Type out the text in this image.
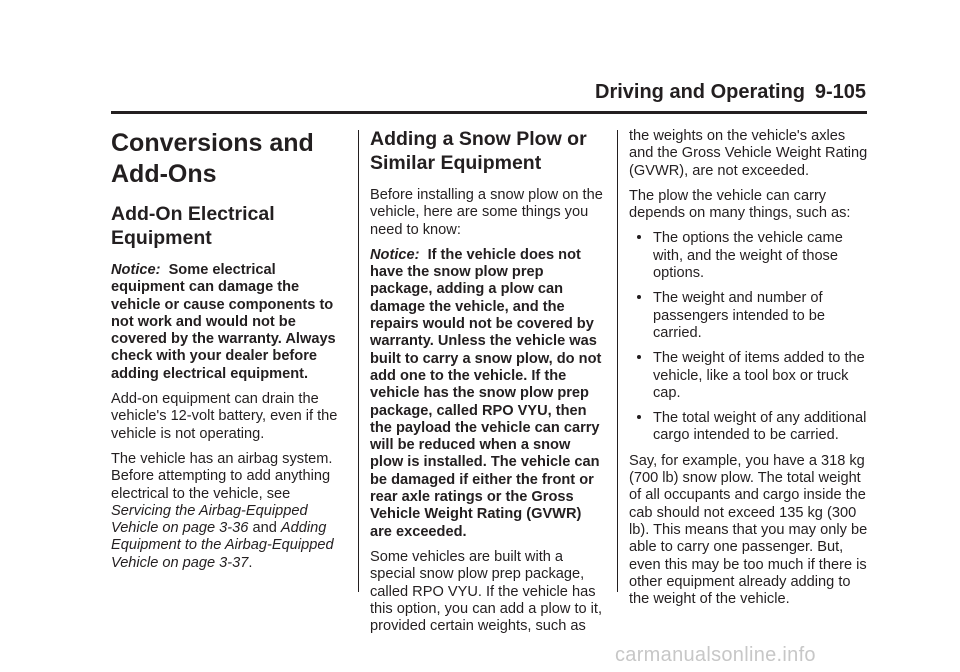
Driving and Operating 9-105
Conversions and Add-Ons
Add-On Electrical Equipment

Notice: Some electrical equipment can damage the vehicle or cause components to not work and would not be covered by the warranty. Always check with your dealer before adding electrical equipment.

Add-on equipment can drain the vehicle's 12-volt battery, even if the vehicle is not operating.

The vehicle has an airbag system. Before attempting to add anything electrical to the vehicle, see
Servicing the Airbag-Equipped Vehicle on page 3-36 and Adding Equipment to the Airbag-Equipped Vehicle on page 3-37.

Adding a Snow Plow or Similar Equipment

Before installing a snow plow on the vehicle, here are some things you need to know:

Notice: If the vehicle does not have the snow plow prep package, adding a plow can damage the vehicle, and the repairs would not be covered by warranty. Unless the vehicle was built to carry a snow plow, do not add one to the vehicle. If the vehicle has the snow plow prep package, called RPO VYU, then the payload the vehicle can carry will be reduced when a snow plow is installed. The vehicle can be damaged if either the front or rear axle ratings or the Gross Vehicle Weight Rating (GVWR) are exceeded.

Some vehicles are built with a special snow plow prep package, called RPO VYU. If the vehicle has this option, you can add a plow to it, provided certain weights, such as

the weights on the vehicle's axles and the Gross Vehicle Weight Rating (GVWR), are not exceeded.

The plow the vehicle can carry depends on many things, such as:

The options the vehicle came with, and the weight of those options.
The weight and number of passengers intended to be carried.
The weight of items added to the vehicle, like a tool box or truck cap.
The total weight of any additional cargo intended to be carried.

Say, for example, you have a 318 kg (700 lb) snow plow. The total weight of all occupants and cargo inside the cab should not exceed 135 kg (300 lb). This means that you may only be able to carry one passenger. But, even this may be too much if there is other equipment already adding to the weight of the vehicle.

carmanualsonline.info
